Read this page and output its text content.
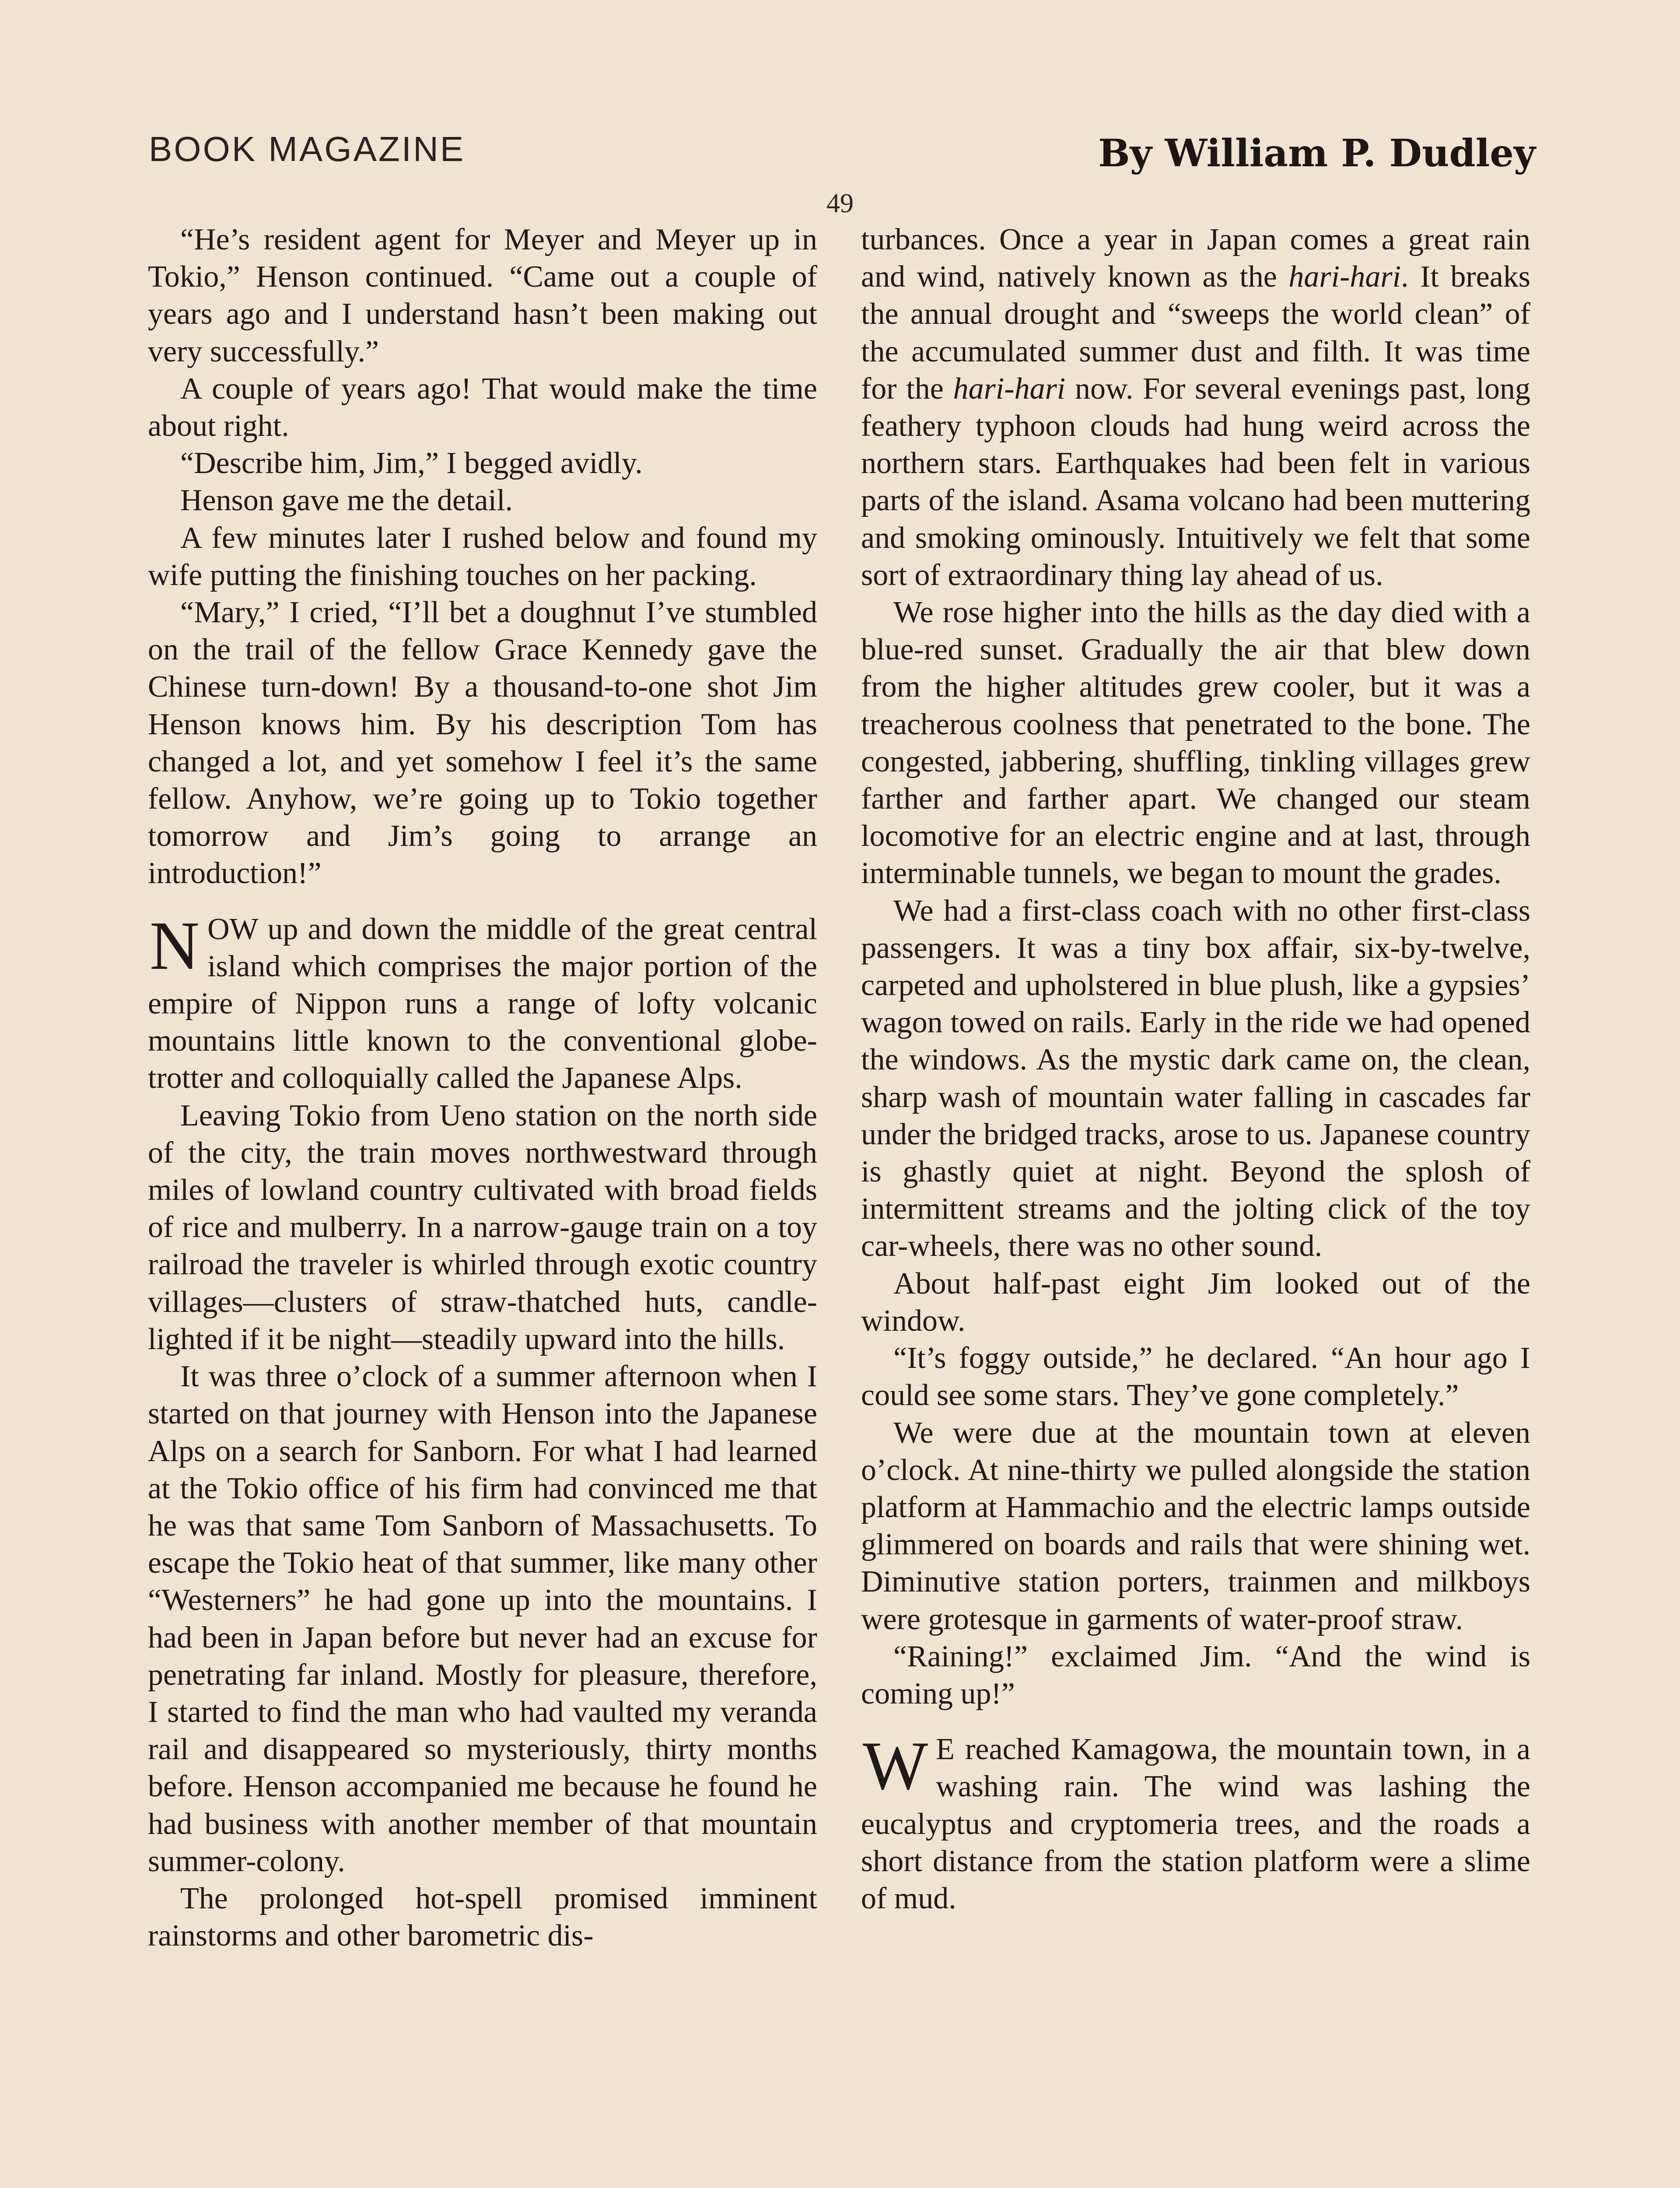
BOOK MAGAZINE	By William P. Dudley
49

“He’s resident agent for Meyer and Meyer up in Tokio,” Henson continued. “Came out a couple of years ago and I understand hasn’t been making out very successfully.”

A couple of years ago! That would make the time about right.

“Describe him, Jim,” I begged avidly.

Henson gave me the detail.

A few minutes later I rushed below and found my wife putting the finishing touches on her packing.

“Mary,” I cried, “I’ll bet a doughnut I’ve stumbled on the trail of the fellow Grace Kennedy gave the Chinese turn-down! By a thousand-to-one shot Jim Henson knows him. By his description Tom has changed a lot, and yet somehow I feel it’s the same fellow. Anyhow, we’re going up to Tokio together tomorrow and Jim’s going to arrange an introduction!”

NOW up and down the middle of the great central island which comprises the major portion of the empire of Nippon runs a range of lofty volcanic mountains little known to the conventional globe-trotter and colloquially called the Japanese Alps.

Leaving Tokio from Ueno station on the north side of the city, the train moves northwestward through miles of lowland country cultivated with broad fields of rice and mulberry. In a narrow-gauge train on a toy railroad the traveler is whirled through exotic country villages—clusters of straw-thatched huts, candle-lighted if it be night—steadily upward into the hills.

It was three o’clock of a summer afternoon when I started on that journey with Henson into the Japanese Alps on a search for Sanborn. For what I had learned at the Tokio office of his firm had convinced me that he was that same Tom Sanborn of Massachusetts. To escape the Tokio heat of that summer, like many other “Westerners” he had gone up into the mountains. I had been in Japan before but never had an excuse for penetrating far inland. Mostly for pleasure, therefore, I started to find the man who had vaulted my veranda rail and disappeared so mysteriously, thirty months before. Henson accompanied me because he found he had business with another member of that mountain summer-colony.

The prolonged hot-spell promised imminent rainstorms and other barometric dis-

turbances. Once a year in Japan comes a great rain and wind, natively known as the hari-hari. It breaks the annual drought and “sweeps the world clean” of the accumulated summer dust and filth. It was time for the hari-hari now. For several evenings past, long feathery typhoon clouds had hung weird across the northern stars. Earthquakes had been felt in various parts of the island. Asama volcano had been muttering and smoking ominously. Intuitively we felt that some sort of extraordinary thing lay ahead of us.

We rose higher into the hills as the day died with a blue-red sunset. Gradually the air that blew down from the higher altitudes grew cooler, but it was a treacherous coolness that penetrated to the bone. The congested, jabbering, shuffling, tinkling villages grew farther and farther apart. We changed our steam locomotive for an electric engine and at last, through interminable tunnels, we began to mount the grades.

We had a first-class coach with no other first-class passengers. It was a tiny box affair, six-by-twelve, carpeted and upholstered in blue plush, like a gypsies’ wagon towed on rails. Early in the ride we had opened the windows. As the mystic dark came on, the clean, sharp wash of mountain water falling in cascades far under the bridged tracks, arose to us. Japanese country is ghastly quiet at night. Beyond the splosh of intermittent streams and the jolting click of the toy car-wheels, there was no other sound.

About half-past eight Jim looked out of the window.

“It’s foggy outside,” he declared. “An hour ago I could see some stars. They’ve gone completely.”

We were due at the mountain town at eleven o’clock. At nine-thirty we pulled alongside the station platform at Hammachio and the electric lamps outside glimmered on boards and rails that were shining wet. Diminutive station porters, trainmen and milkboys were grotesque in garments of water-proof straw.

“Raining!” exclaimed Jim. “And the wind is coming up!”

W E reached Kamagowa, the mountain town, in a washing rain. The wind was lashing the eucalyptus and cryptomeria trees, and the roads a short distance from the station platform were a slime of mud.
